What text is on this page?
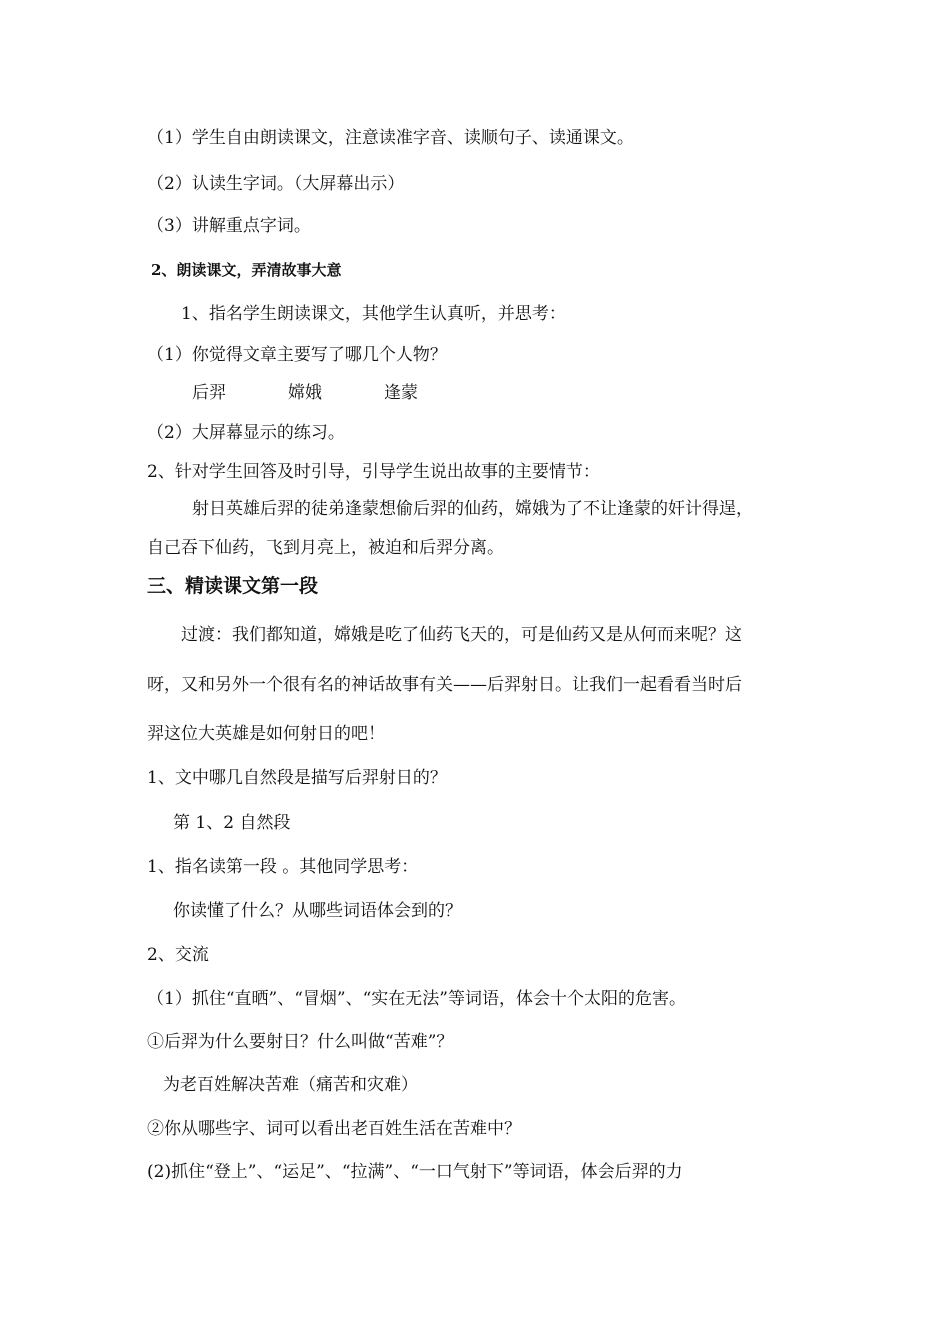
（1）学生自由朗读课文，注意读准字音、读顺句子、读通课文。
（2）认读生字词。（大屏幕出示）
（3）讲解重点字词。
2、朗读课文，弄清故事大意
1、指名学生朗读课文，其他学生认真听，并思考：
（1）你觉得文章主要写了哪几个人物？
后羿	嫦娥	逢蒙
（2）大屏幕显示的练习。
2、针对学生回答及时引导，引导学生说出故事的主要情节：
射日英雄后羿的徒弟逢蒙想偷后羿的仙药，嫦娥为了不让逢蒙的奸计得逞，
自己吞下仙药，飞到月亮上，被迫和后羿分离。
三、精读课文第一段
过渡：我们都知道，嫦娥是吃了仙药飞天的，可是仙药又是从何而来呢？这
呀，又和另外一个很有名的神话故事有关——后羿射日。让我们一起看看当时后
羿这位大英雄是如何射日的吧！
1、文中哪几自然段是描写后羿射日的？
第 1、2 自然段
1、指名读第一段 。其他同学思考：
你读懂了什么？从哪些词语体会到的？
2、交流
（1）抓住“直晒”、“冒烟”、“实在无法”等词语，体会十个太阳的危害。
①后羿为什么要射日？什么叫做“苦难”？
为老百姓解决苦难（痛苦和灾难）
②你从哪些字、词可以看出老百姓生活在苦难中？
(2)抓住“登上”、“运足”、“拉满”、“一口气射下”等词语，体会后羿的力
